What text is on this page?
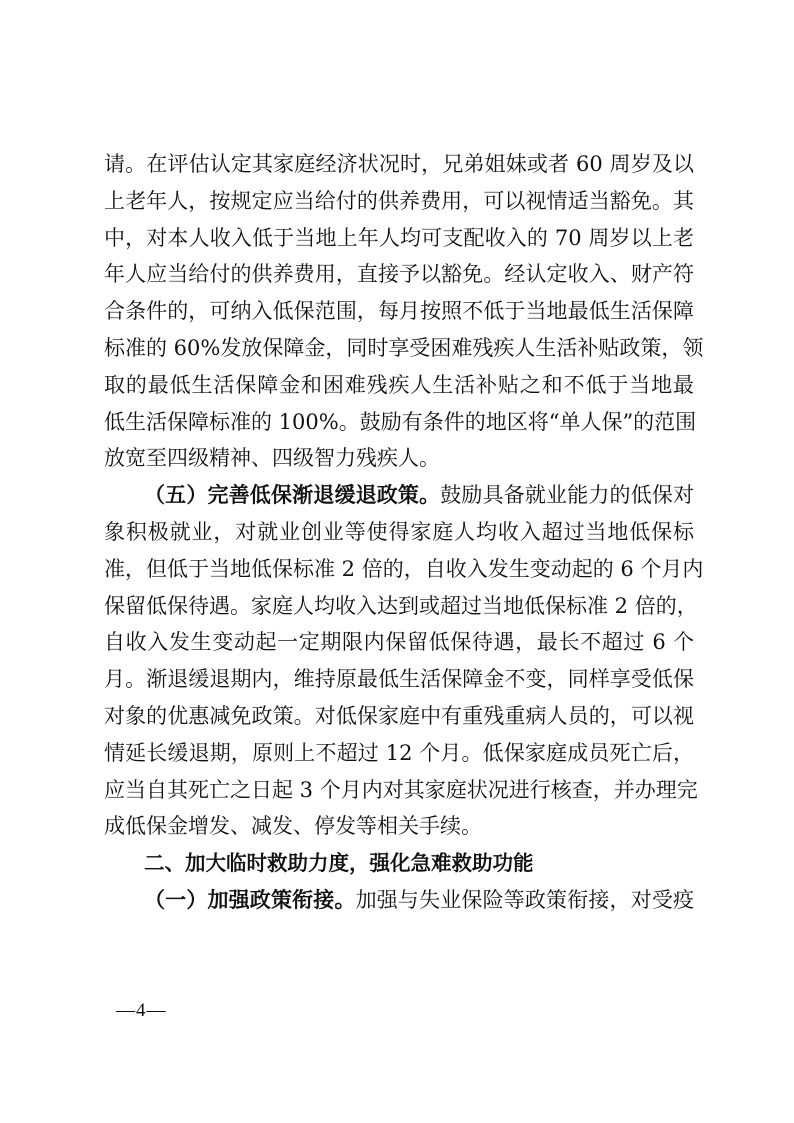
请。在评估认定其家庭经济状况时，兄弟姐妹或者 60 周岁及以
上老年人，按规定应当给付的供养费用，可以视情适当豁免。其
中，对本人收入低于当地上年人均可支配收入的 70 周岁以上老
年人应当给付的供养费用，直接予以豁免。经认定收入、财产符
合条件的，可纳入低保范围，每月按照不低于当地最低生活保障
标准的 60%发放保障金，同时享受困难残疾人生活补贴政策，领
取的最低生活保障金和困难残疾人生活补贴之和不低于当地最
低生活保障标准的 100%。鼓励有条件的地区将“单人保”的范围
放宽至四级精神、四级智力残疾人。
（五）完善低保渐退缓退政策。鼓励具备就业能力的低保对
象积极就业，对就业创业等使得家庭人均收入超过当地低保标
准，但低于当地低保标准 2 倍的，自收入发生变动起的 6 个月内
保留低保待遇。家庭人均收入达到或超过当地低保标准 2 倍的，
自收入发生变动起一定期限内保留低保待遇，最长不超过 6 个
月。渐退缓退期内，维持原最低生活保障金不变，同样享受低保
对象的优惠减免政策。对低保家庭中有重残重病人员的，可以视
情延长缓退期，原则上不超过 12 个月。低保家庭成员死亡后，
应当自其死亡之日起 3 个月内对其家庭状况进行核查，并办理完
成低保金增发、减发、停发等相关手续。
二、加大临时救助力度，强化急难救助功能
（一）加强政策衔接。加强与失业保险等政策衔接，对受疫
—4—
